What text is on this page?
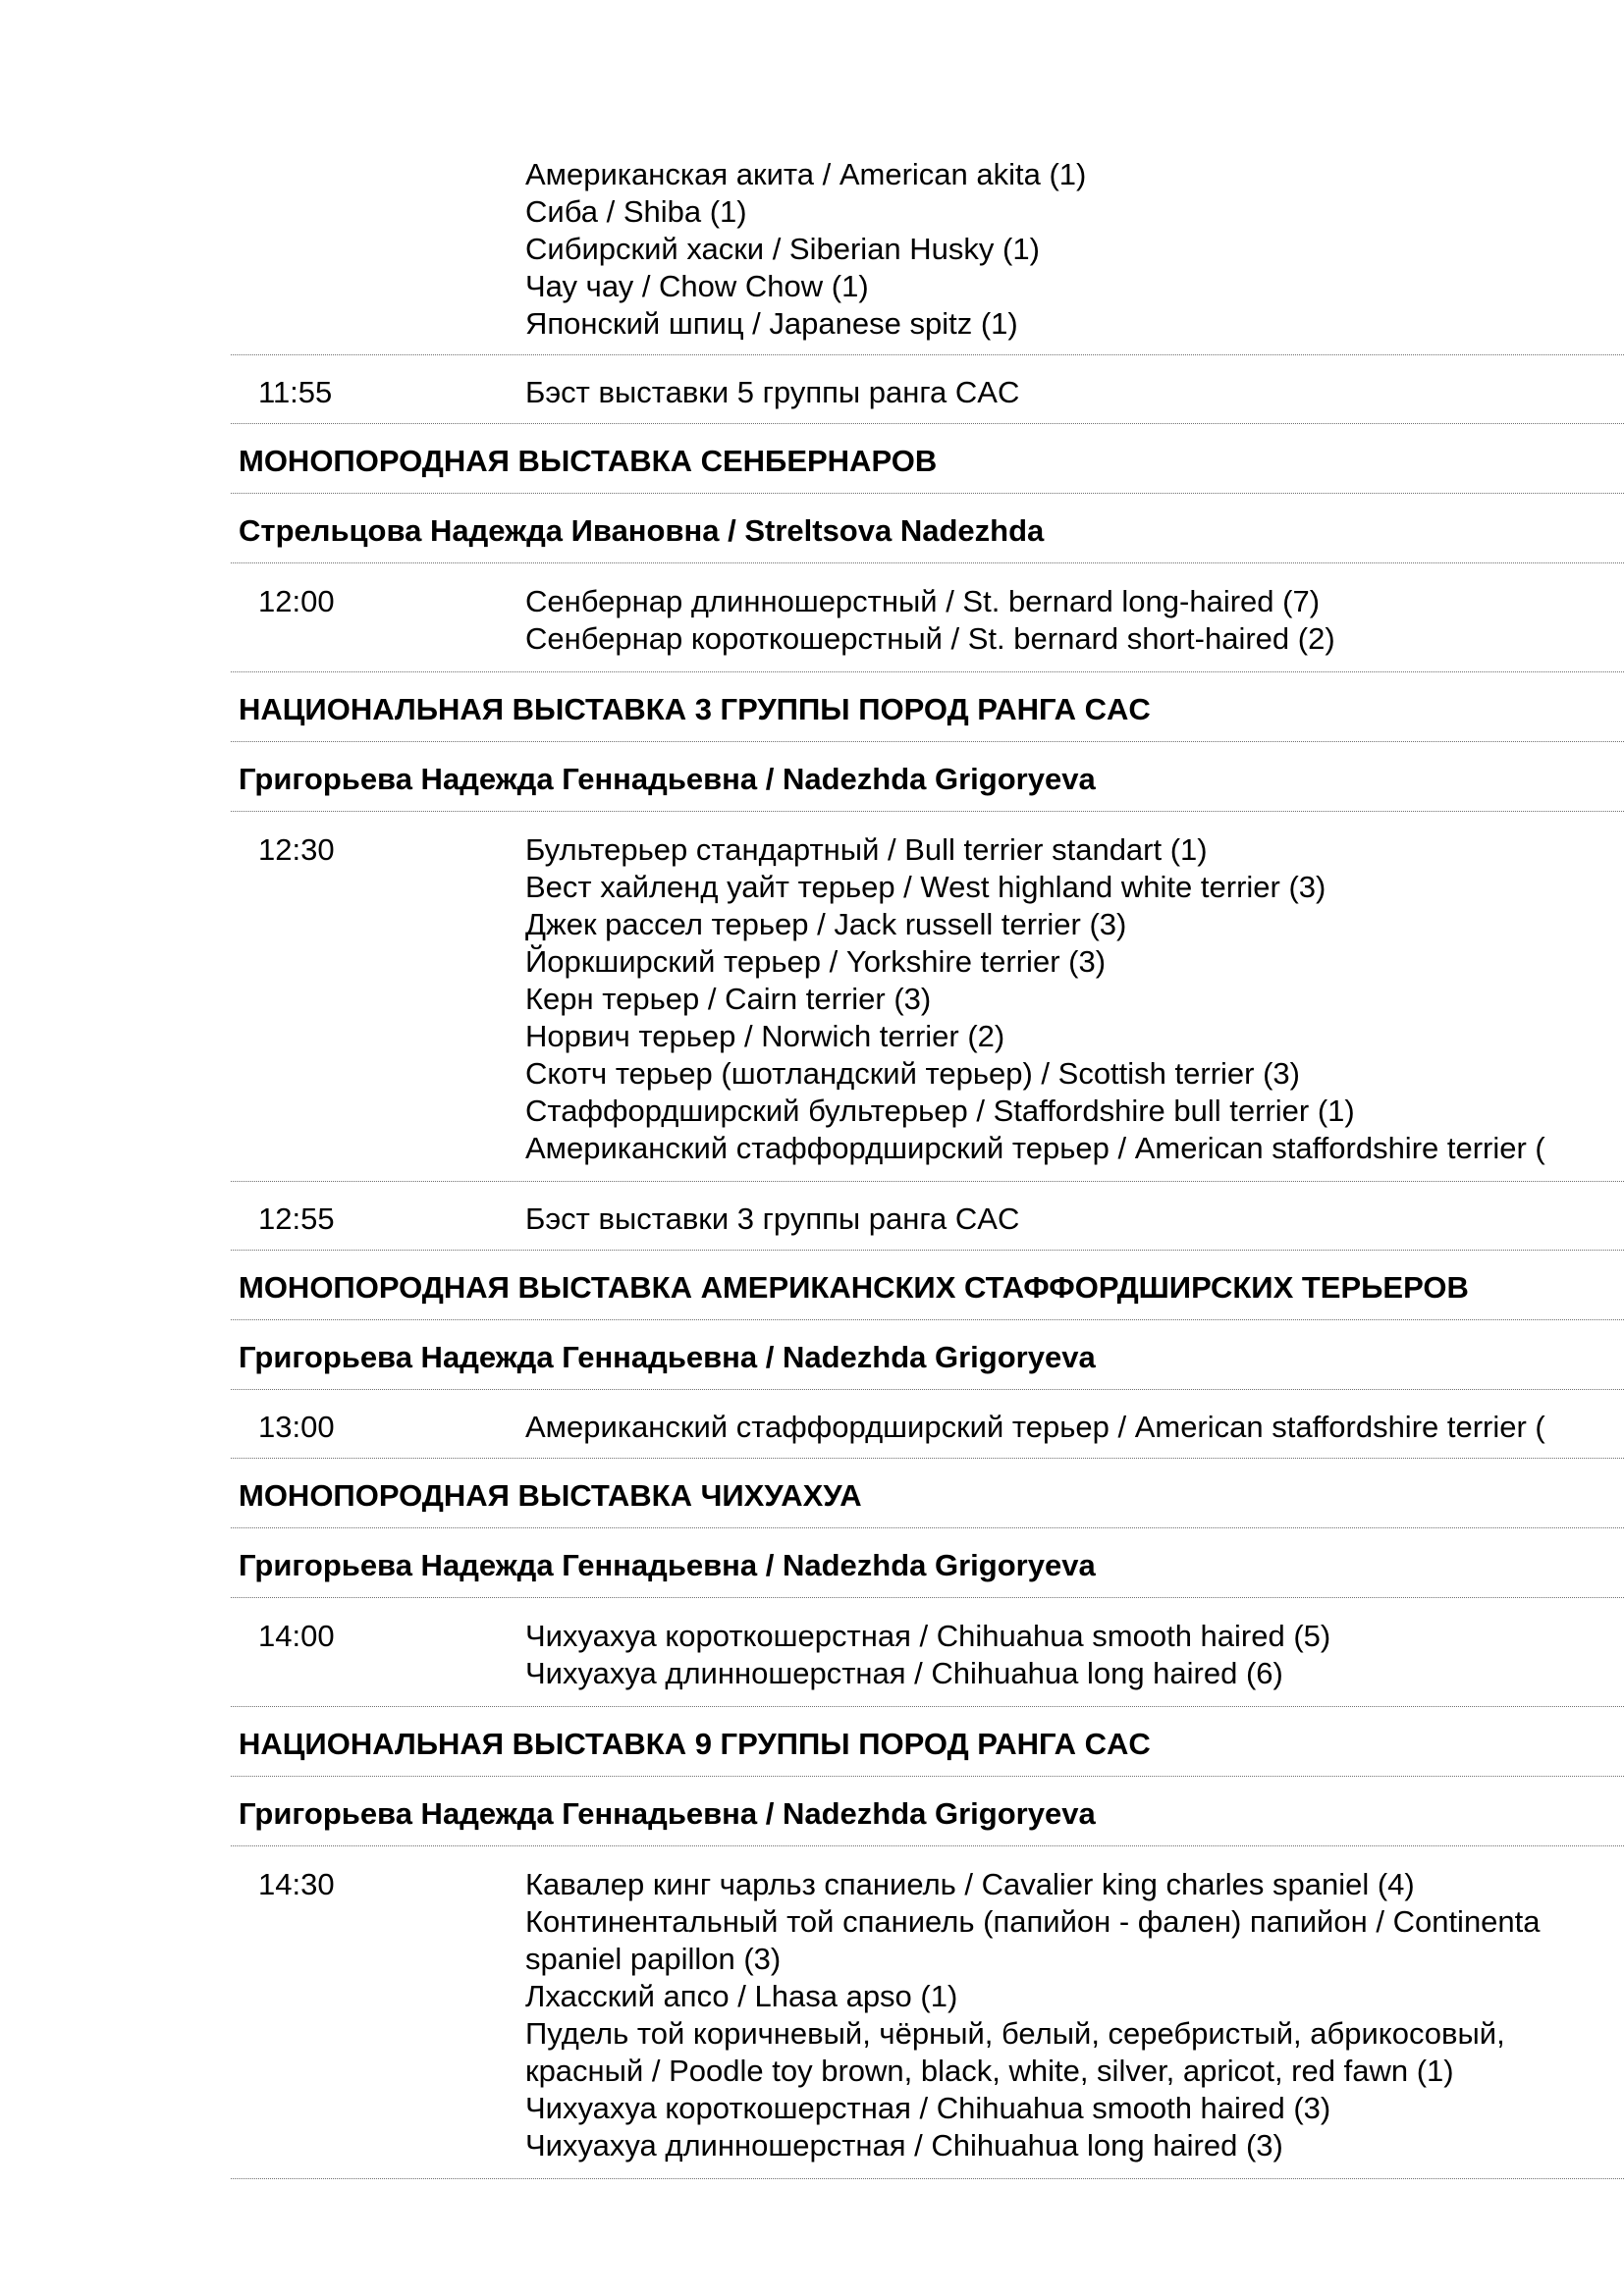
Американская акита / American akita (1)
Сиба / Shiba (1)
Сибирский хаски / Siberian Husky (1)
Чау чау / Chow Chow (1)
Японский шпиц / Japanese spitz (1)
11:55	Бэст выставки 5 группы ранга CAC
МОНОПОРОДНАЯ ВЫСТАВКА СЕНБЕРНАРОВ
Стрельцова Надежда Ивановна / Streltsova Nadezhda
12:00	Сенбернар длинношерстный / St. bernard long-haired (7)
Сенбернар короткошерстный / St. bernard short-haired (2)
НАЦИОНАЛЬНАЯ ВЫСТАВКА 3 ГРУППЫ ПОРОД РАНГА CAC
Григорьева Надежда Геннадьевна / Nadezhda Grigoryeva
12:30	Бультерьер стандартный / Bull terrier standart (1)
Вест хайленд уайт терьер / West highland white terrier (3)
Джек рассел терьер / Jack russell terrier (3)
Йоркширский терьер / Yorkshire terrier (3)
Керн терьер / Cairn terrier (3)
Норвич терьер / Norwich terrier (2)
Скотч терьер (шотландский терьер) / Scottish terrier (3)
Стаффордширский бультерьер / Staffordshire bull terrier (1)
Американский стаффордширский терьер / American staffordshire terrier (
12:55	Бэст выставки 3 группы ранга CAC
МОНОПОРОДНАЯ ВЫСТАВКА АМЕРИКАНСКИХ СТАФФОРДШИРСКИХ ТЕРЬЕРОВ
Григорьева Надежда Геннадьевна / Nadezhda Grigoryeva
13:00	Американский стаффордширский терьер / American staffordshire terrier (
МОНОПОРОДНАЯ ВЫСТАВКА ЧИХУАХУА
Григорьева Надежда Геннадьевна / Nadezhda Grigoryeva
14:00	Чихуахуа короткошерстная / Chihuahua smooth haired (5)
Чихуахуа длинношерстная / Chihuahua long haired (6)
НАЦИОНАЛЬНАЯ ВЫСТАВКА 9 ГРУППЫ ПОРОД РАНГА CAC
Григорьева Надежда Геннадьевна / Nadezhda Grigoryeva
14:30	Кавалер кинг чарльз спаниель / Cavalier king charles spaniel (4)
Континентальный той спаниель (папийон - фален) папийон / Continenta
spaniel papillon (3)
Лхасский апсо / Lhasa apso (1)
Пудель той коричневый, чёрный, белый, серебристый, абрикосовый,
красный / Poodle toy brown, black, white, silver, apricot, red fawn (1)
Чихуахуа короткошерстная / Chihuahua smooth haired (3)
Чихуахуа длинношерстная / Chihuahua long haired (3)
